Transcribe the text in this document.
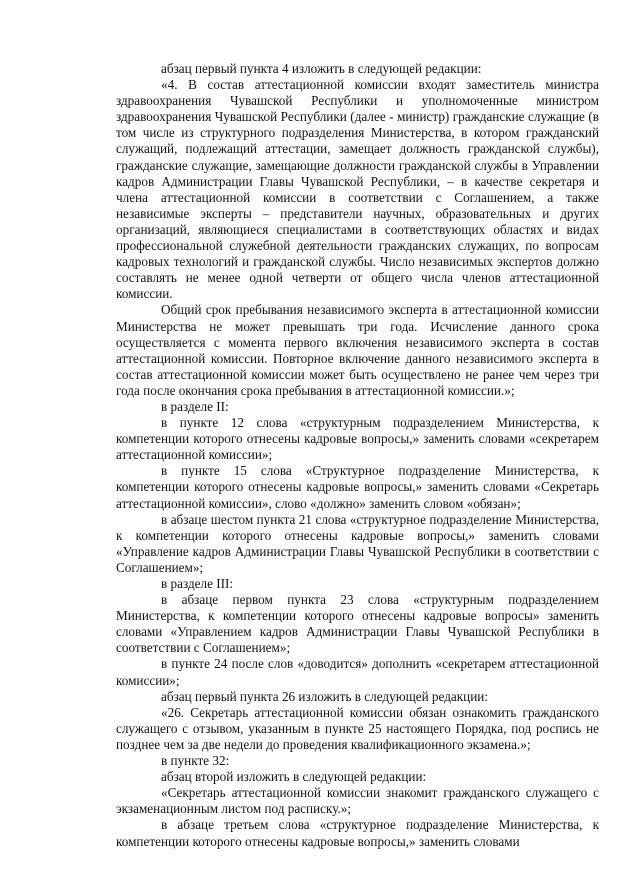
абзац первый пункта 4 изложить в следующей редакции:

«4. В состав аттестационной комиссии входят заместитель министра здравоохранения Чувашской Республики и уполномоченные министром здравоохранения Чувашской Республики (далее - министр) гражданские служащие (в том числе из структурного подразделения Министерства, в котором гражданский служащий, подлежащий аттестации, замещает должность гражданской службы), гражданские служащие, замещающие должности гражданской службы в Управлении кадров Администрации Главы Чувашской Республики, – в качестве секретаря и члена аттестационной комиссии в соответствии с Соглашением, а также независимые эксперты – представители научных, образовательных и других организаций, являющиеся специалистами в соответствующих областях и видах профессиональной служебной деятельности гражданских служащих, по вопросам кадровых технологий и гражданской службы. Число независимых экспертов должно составлять не менее одной четверти от общего числа членов аттестационной комиссии.

Общий срок пребывания независимого эксперта в аттестационной комиссии Министерства не может превышать три года. Исчисление данного срока осуществляется с момента первого включения независимого эксперта в состав аттестационной комиссии. Повторное включение данного независимого эксперта в состав аттестационной комиссии может быть осуществлено не ранее чем через три года после окончания срока пребывания в аттестационной комиссии.»;

в разделе II:

в пункте 12 слова «структурным подразделением Министерства, к компетенции которого отнесены кадровые вопросы,» заменить словами «секретарем аттестационной комиссии»;

в пункте 15 слова «Структурное подразделение Министерства, к компетенции которого отнесены кадровые вопросы,» заменить словами «Секретарь аттестационной комиссии», слово «должно» заменить словом «обязан»;

в абзаце шестом пункта 21 слова «структурное подразделение Министерства, к компетенции которого отнесены кадровые вопросы,» заменить словами «Управление кадров Администрации Главы Чувашской Республики в соответствии с Соглашением»;

в разделе III:

в абзаце первом пункта 23 слова «структурным подразделением Министерства, к компетенции которого отнесены кадровые вопросы» заменить словами «Управлением кадров Администрации Главы Чувашской Республики в соответствии с Соглашением»;

в пункте 24 после слов «доводится» дополнить «секретарем аттестационной комиссии»;

абзац первый пункта 26 изложить в следующей редакции:

«26. Секретарь аттестационной комиссии обязан ознакомить гражданского служащего с отзывом, указанным в пункте 25 настоящего Порядка, под роспись не позднее чем за две недели до проведения квалификационного экзамена.»;

в пункте 32:

абзац второй изложить в следующей редакции:

«Секретарь аттестационной комиссии знакомит гражданского служащего с экзаменационным листом под расписку.»;

в абзаце третьем слова «структурное подразделение Министерства, к компетенции которого отнесены кадровые вопросы,» заменить словами
